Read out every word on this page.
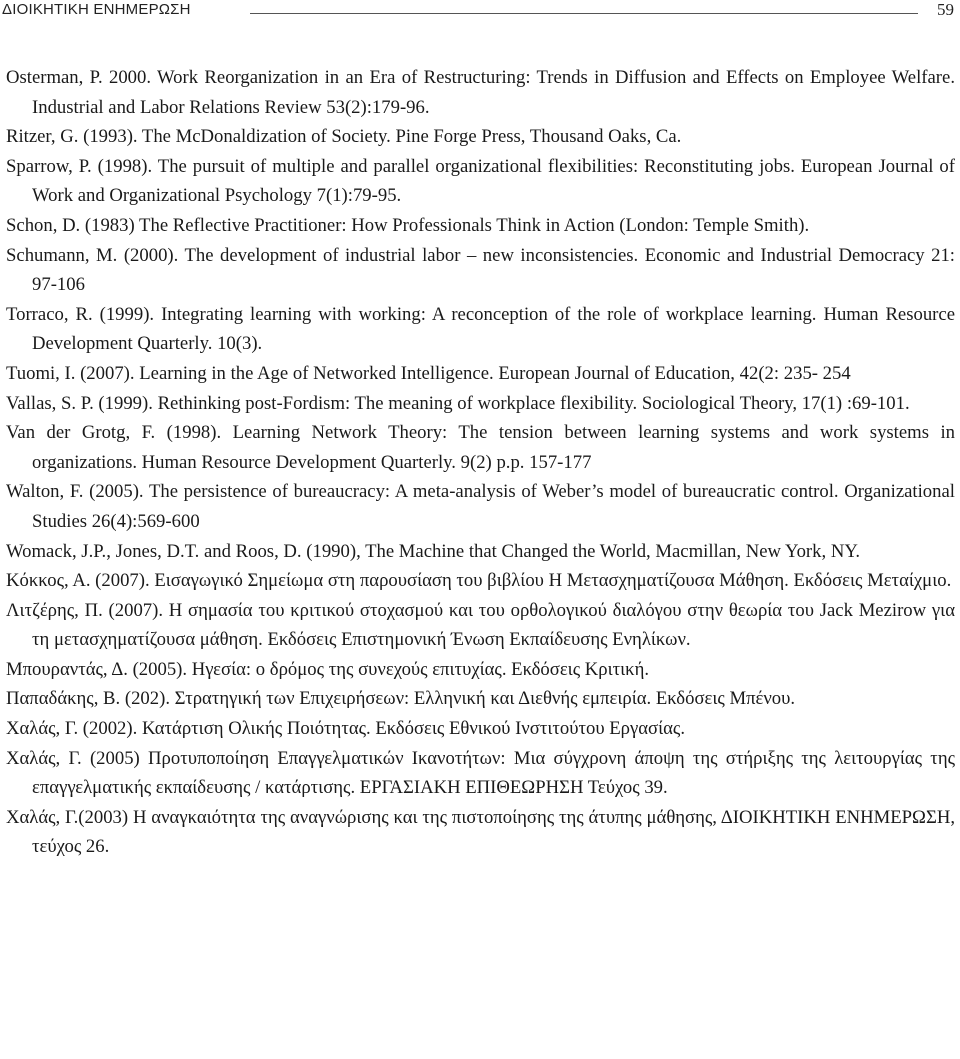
ΔΙΟΙΚΗΤΙΚΗ ΕΝΗΜΕΡΩΣΗ	59
Osterman, P. 2000. Work Reorganization in an Era of Restructuring: Trends in Diffusion and Effects on Employee Welfare. Industrial and Labor Relations Review 53(2):179-96.
Ritzer, G. (1993). The McDonaldization of Society. Pine Forge Press, Thousand Oaks, Ca.
Sparrow, P. (1998). The pursuit of multiple and parallel organizational flexibilities: Reconstituting jobs. European Journal of Work and Organizational Psychology 7(1):79-95.
Schon, D. (1983) The Reflective Practitioner: How Professionals Think in Action (London: Temple Smith).
Schumann, M. (2000). The development of industrial labor – new inconsistencies. Economic and Industrial Democracy 21: 97-106
Torraco, R. (1999). Integrating learning with working: A reconception of the role of workplace learning. Human Resource Development Quarterly. 10(3).
Tuomi, I. (2007). Learning in the Age of Networked Intelligence. European Journal of Education, 42(2: 235- 254
Vallas, S. P. (1999). Rethinking post-Fordism: The meaning of workplace flexibility. Sociological Theory, 17(1) :69-101.
Van der Grotg, F. (1998). Learning Network Theory: The tension between learning systems and work systems in organizations. Human Resource Development Quarterly. 9(2) p.p. 157-177
Walton, F. (2005). The persistence of bureaucracy: A meta-analysis of Weber’s model of bureaucratic control. Organizational Studies 26(4):569-600
Womack, J.P., Jones, D.T. and Roos, D. (1990), The Machine that Changed the World, Macmillan, New York, NY.
Κόκκος, Α. (2007). Εισαγωγικό Σημείωμα στη παρουσίαση του βιβλίου Η Μετασχηματίζουσα Μάθηση. Εκδόσεις Μεταίχμιο.
Λιτζέρης, Π. (2007). Η σημασία του κριτικού στοχασμού και του ορθολογικού διαλόγου στην θεωρία του Jack Mezirow για τη μετασχηματίζουσα μάθηση. Εκδόσεις Επιστημονική Ένωση Εκπαίδευσης Ενηλίκων.
Μπουραντάς, Δ. (2005). Ηγεσία: ο δρόμος της συνεχούς επιτυχίας. Εκδόσεις Κριτική.
Παπαδάκης, Β. (202). Στρατηγική των Επιχειρήσεων: Ελληνική και Διεθνής εμπειρία. Εκδόσεις Μπένου.
Χαλάς, Γ. (2002). Κατάρτιση Ολικής Ποιότητας. Εκδόσεις Εθνικού Ινστιτούτου Εργασίας.
Χαλάς, Γ. (2005) Προτυποποίηση Επαγγελματικών Ικανοτήτων: Μια σύγχρονη άποψη της στήριξης της λειτουργίας της επαγγελματικής εκπαίδευσης / κατάρτισης. ΕΡΓΑΣΙΑΚΗ ΕΠΙΘΕΩΡΗΣΗ Τεύχος 39.
Χαλάς, Γ.(2003) Η αναγκαιότητα της αναγνώρισης και της πιστοποίησης της άτυπης μάθησης, ΔΙΟΙΚΗΤΙΚΗ ΕΝΗΜΕΡΩΣΗ, τεύχος 26.
